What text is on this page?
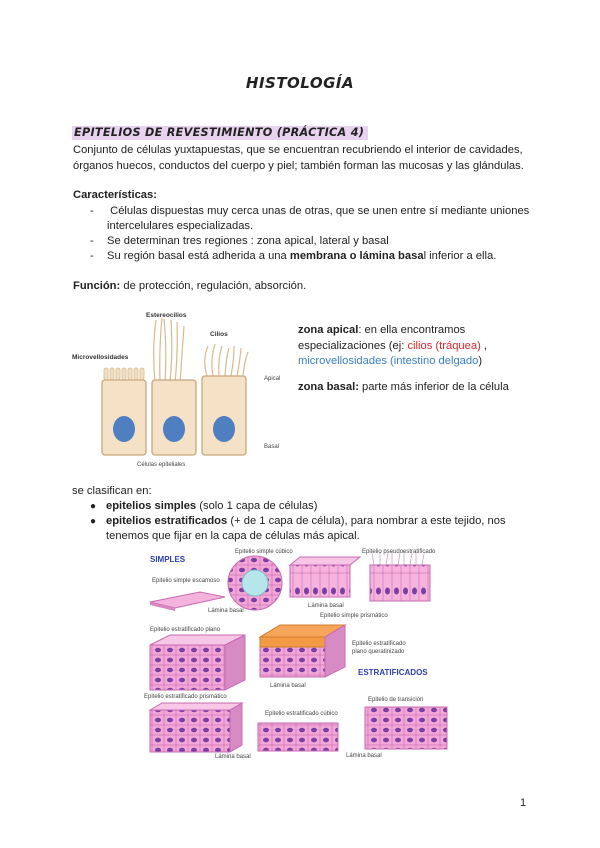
HISTOLOGÍA
EPITELIOS DE REVESTIMIENTO (PRÁCTICA 4)
Conjunto de células yuxtapuestas, que se encuentran recubriendo el interior de cavidades,
órganos huecos, conductos del cuerpo y piel; también forman las mucosas y las glándulas.
Características:
- Células dispuestas muy cerca unas de otras, que se unen entre sí mediante uniones
intercelulares especializadas.
- Se determinan tres regiones : zona apical, lateral y basal
- Su región basal está adherida a una membrana o lámina basal inferior a ella.
Función: de protección, regulación, absorción.
Estereocilios
Cilios
Microvellosidades
Apical
Basal
Células epiteliales
zona apical: en ella encontramos
especializaciones (ej: cilios (tráquea) ,
microvellosidades (intestino delgado)
zona basal: parte más inferior de la célula
se clasifican en:
● epitelios simples (solo 1 capa de células)
● epitelios estratificados (+ de 1 capa de célula), para nombrar a este tejido, nos
tenemos que fijar en la capa de células más apical.
SIMPLES
ESTRATIFICADOS
Epitelio simple escamoso
Lámina basal
Epitelio simple cúbico
Lámina basal
Epitelio simple prismático
Epitelio pseudoestratificado
Epitelio estratificado plano
Lámina basal
Epitelio estratificado
plano queratinizado
Epitelio estratificado prismático
Lámina basal
Epitelio estratificado cúbico
Epitelio de transición
Lámina basal
1
